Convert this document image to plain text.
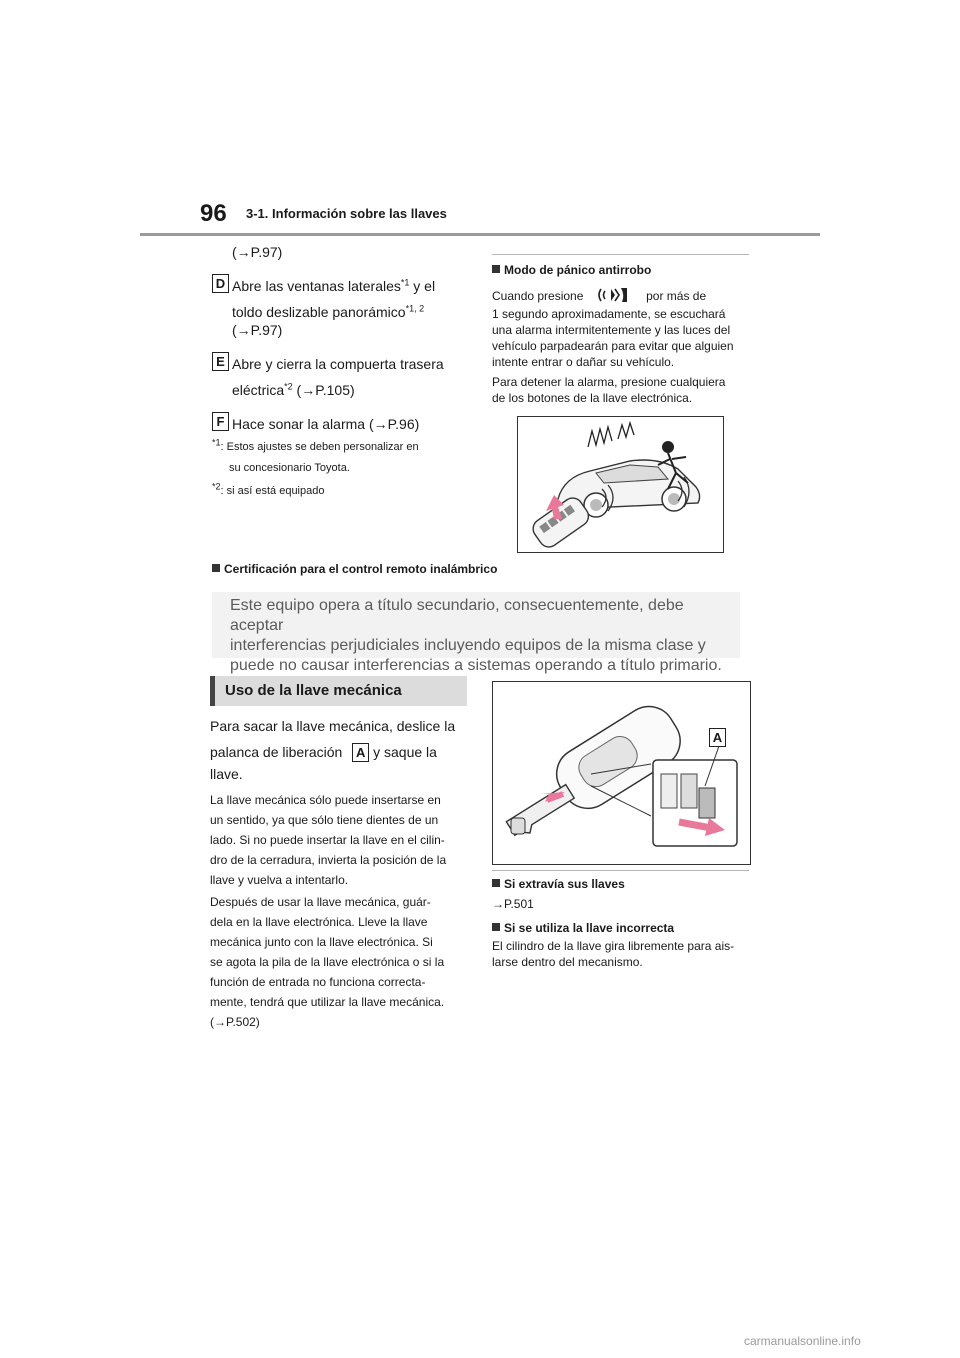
96 3-1. Información sobre las llaves
(→P.97)
D Abre las ventanas laterales$^{*1}$ y el
toldo deslizable panorámico$^{*1, 2}$
(→P.97)
E Abre y cierra la compuerta trasera
eléctrica$^{*2}$ (→P.105)
F Hace sonar la alarma (→P.96)
$^{*1}$: Estos ajustes se deben personalizar en
su concesionario Toyota.
$^{*2}$: si así está equipado
Modo de pánico antirrobo
Cuando presione	por más de
1 segundo aproximadamente, se escuchará
una alarma intermitentemente y las luces del
vehículo parpadearán para evitar que alguien
intente entrar o dañar su vehículo.
Para detener la alarma, presione cualquiera
de los botones de la llave electrónica.
Certificación para el control remoto inalámbrico
Este equipo opera a título secundario, consecuentemente, debe aceptar
interferencias perjudiciales incluyendo equipos de la misma clase y
puede no causar interferencias a sistemas operando a título primario.
Uso de la llave mecánica
Para sacar la llave mecánica, deslice la
palanca de liberación A y saque la
llave.
La llave mecánica sólo puede insertarse en
un sentido, ya que sólo tiene dientes de un
lado. Si no puede insertar la llave en el cilin-
dro de la cerradura, invierta la posición de la
llave y vuelva a intentarlo.
Después de usar la llave mecánica, guár-
dela en la llave electrónica. Lleve la llave
mecánica junto con la llave electrónica. Si
se agota la pila de la llave electrónica o si la
función de entrada no funciona correcta-
mente, tendrá que utilizar la llave mecánica.
(→P.502)
A
Si extravía sus llaves
→P.501
Si se utiliza la llave incorrecta
El cilindro de la llave gira libremente para ais-
larse dentro del mecanismo.
carmanualsonline.info
